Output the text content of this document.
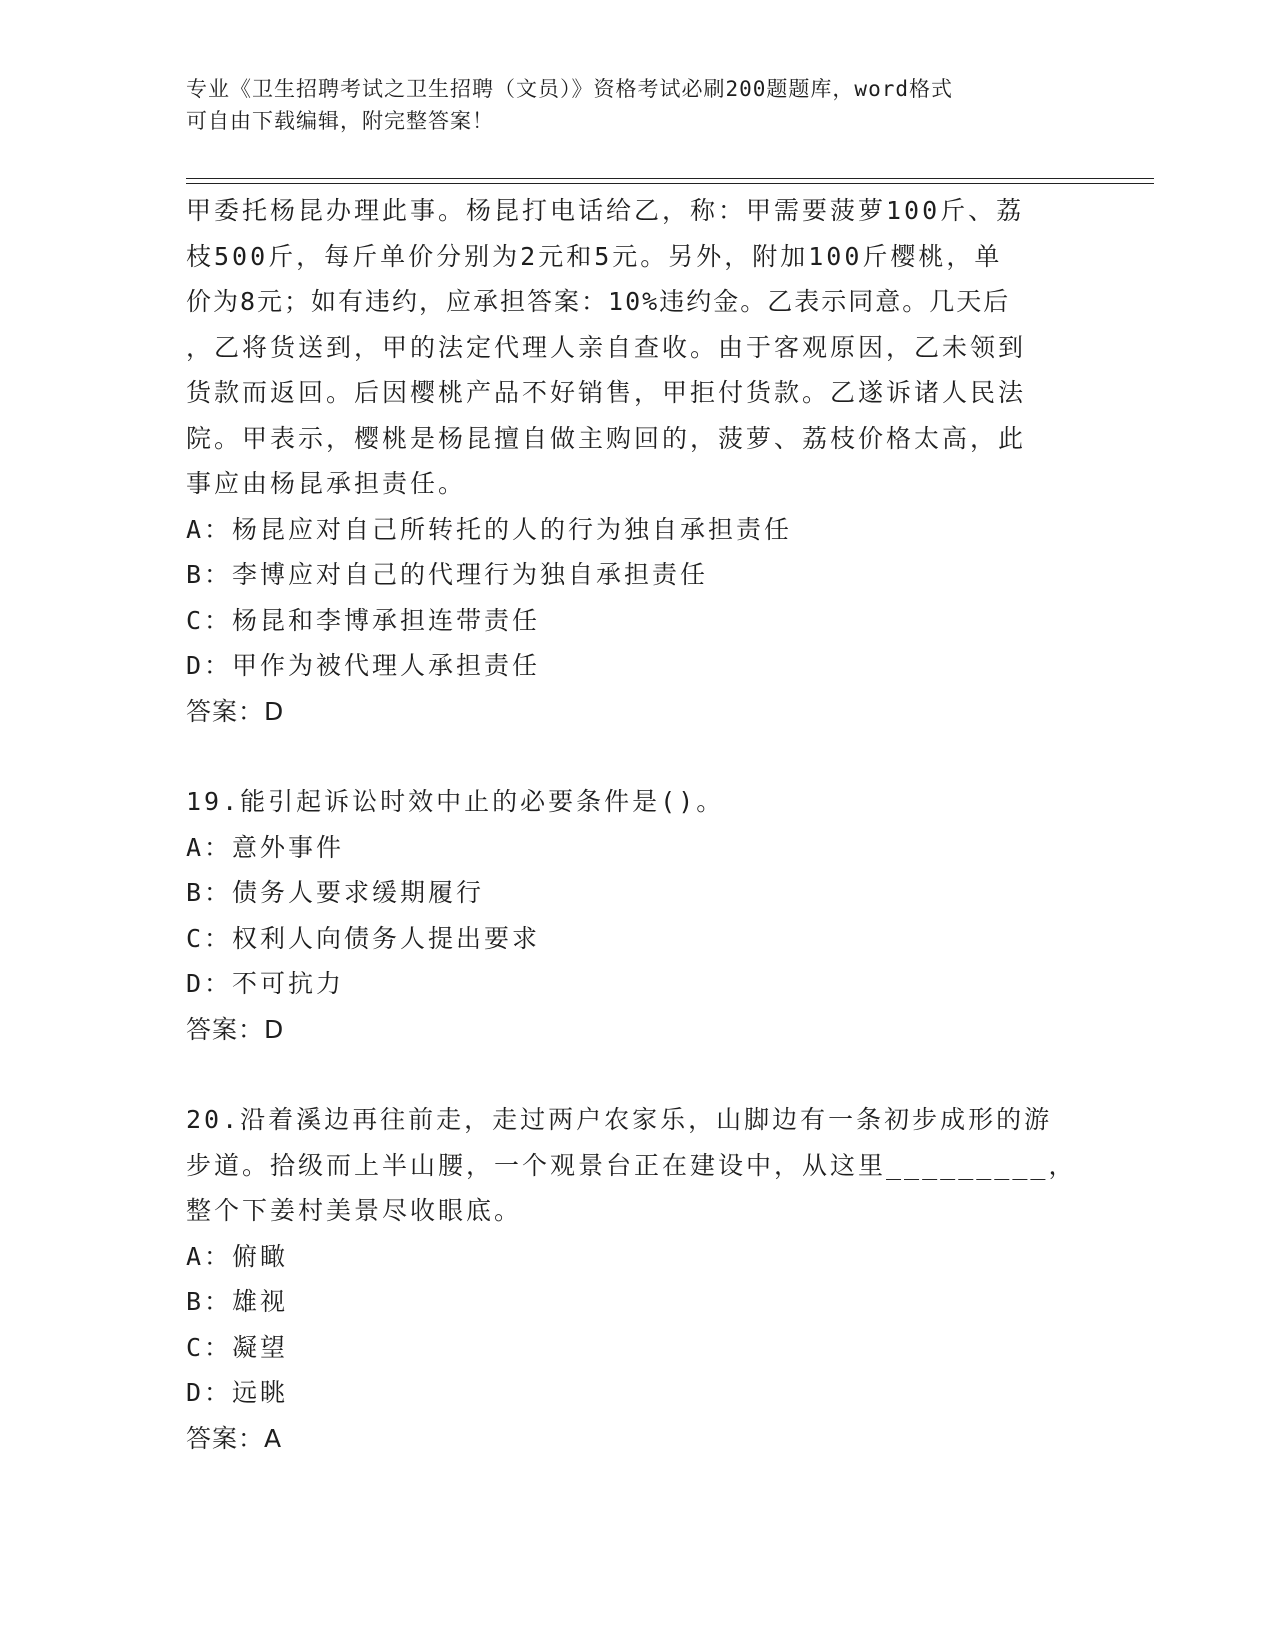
专业《卫生招聘考试之卫生招聘（文员）》资格考试必刷200题题库，word格式
可自由下载编辑，附完整答案！

甲委托杨昆办理此事。杨昆打电话给乙，称：甲需要菠萝100斤、荔

枝500斤，每斤单价分别为2元和5元。另外，附加100斤樱桃，单

价为8元；如有违约，应承担答案：10%违约金。乙表示同意。几天后

，乙将货送到，甲的法定代理人亲自查收。由于客观原因，乙未领到

货款而返回。后因樱桃产品不好销售，甲拒付货款。乙遂诉诸人民法

院。甲表示，樱桃是杨昆擅自做主购回的，菠萝、荔枝价格太高，此

事应由杨昆承担责任。

A：杨昆应对自己所转托的人的行为独自承担责任

B：李博应对自己的代理行为独自承担责任

C：杨昆和李博承担连带责任

D：甲作为被代理人承担责任

答案：D

19.能引起诉讼时效中止的必要条件是()。

A：意外事件

B：债务人要求缓期履行

C：权利人向债务人提出要求

D：不可抗力

答案：D

20.沿着溪边再往前走，走过两户农家乐，山脚边有一条初步成形的游

步道。拾级而上半山腰，一个观景台正在建设中，从这里_________，

整个下姜村美景尽收眼底。

A：俯瞰

B：雄视

C：凝望

D：远眺

答案：A
